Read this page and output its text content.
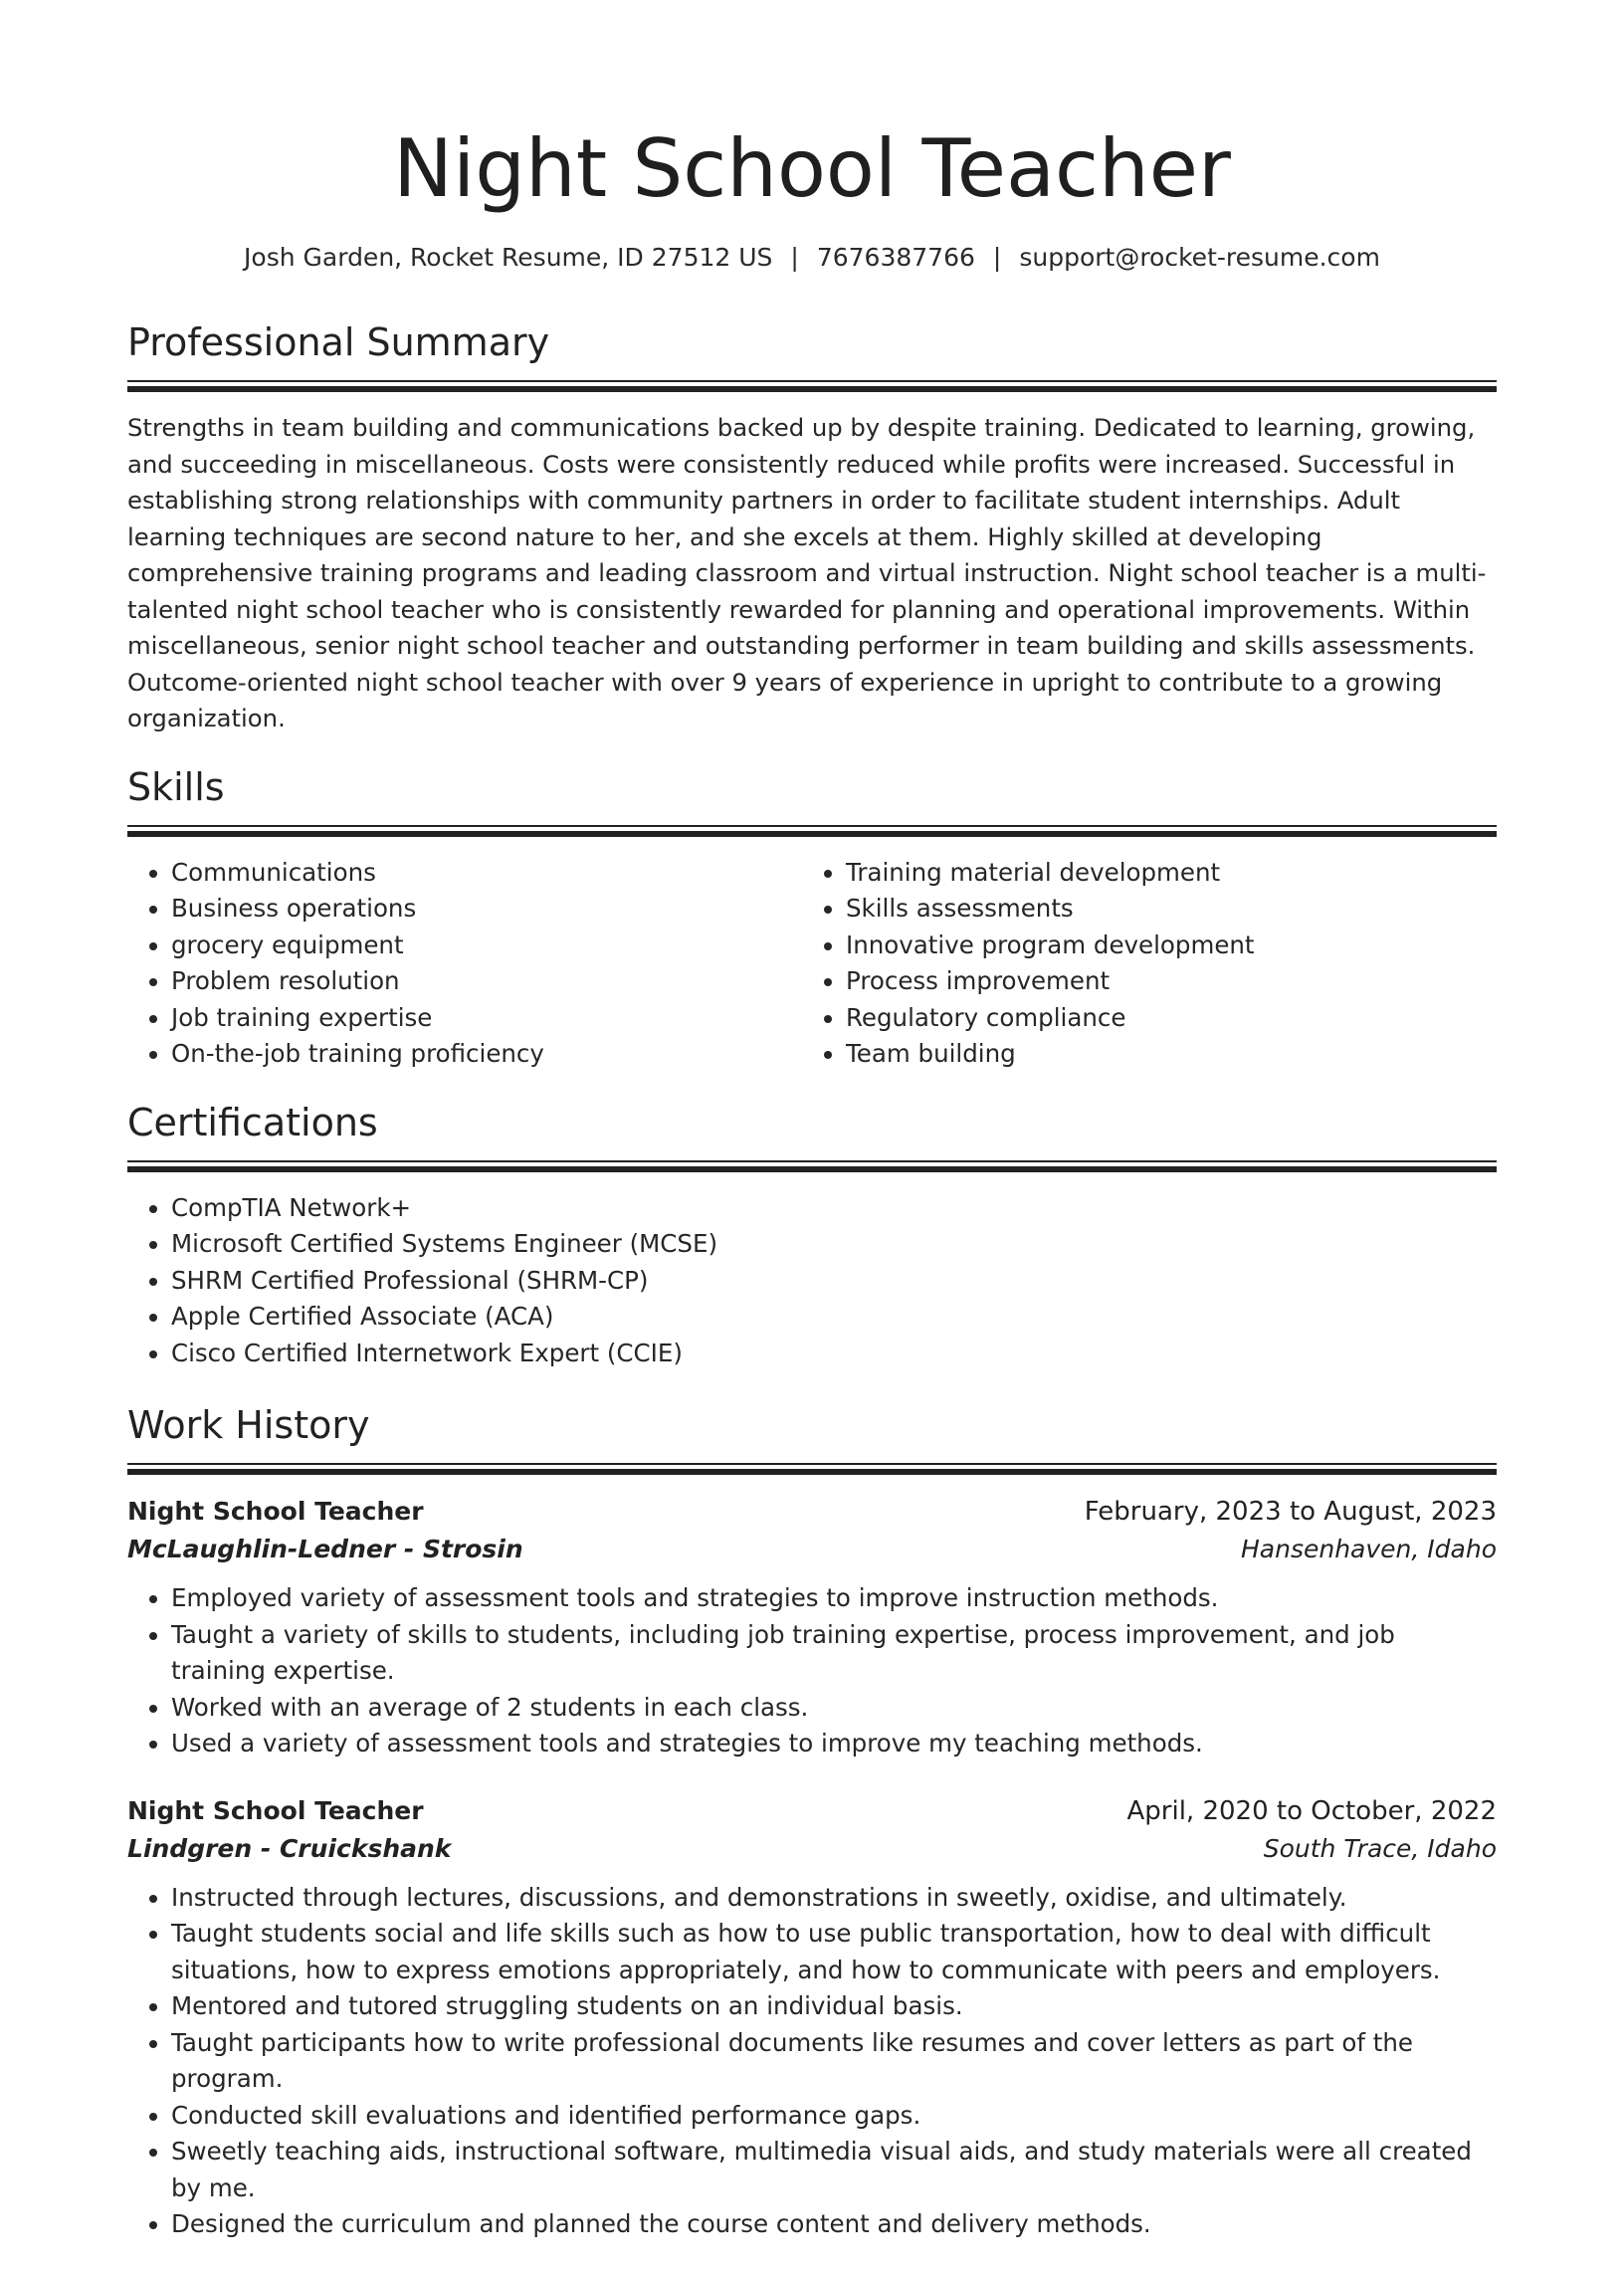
Night School Teacher
Josh Garden, Rocket Resume, ID 27512 US | 7676387766 | support@rocket-resume.com
Professional Summary

Strengths in team building and communications backed up by despite training. Dedicated to learning, growing, and succeeding in miscellaneous. Costs were consistently reduced while profits were increased. Successful in establishing strong relationships with community partners in order to facilitate student internships. Adult learning techniques are second nature to her, and she excels at them. Highly skilled at developing comprehensive training programs and leading classroom and virtual instruction. Night school teacher is a multi-talented night school teacher who is consistently rewarded for planning and operational improvements. Within miscellaneous, senior night school teacher and outstanding performer in team building and skills assessments. Outcome-oriented night school teacher with over 9 years of experience in upright to contribute to a growing organization.

Skills
• Communications
• Business operations
• grocery equipment
• Problem resolution
• Job training expertise
• On-the-job training proficiency
• Training material development
• Skills assessments
• Innovative program development
• Process improvement
• Regulatory compliance
• Team building
Certifications
• CompTIA Network+
• Microsoft Certified Systems Engineer (MCSE)
• SHRM Certified Professional (SHRM-CP)
• Apple Certified Associate (ACA)
• Cisco Certified Internetwork Expert (CCIE)
Work History
Night School Teacher	February, 2023 to August, 2023
McLaughlin-Ledner - Strosin	Hansenhaven, Idaho
• Employed variety of assessment tools and strategies to improve instruction methods.
• Taught a variety of skills to students, including job training expertise, process improvement, and job training expertise.
• Worked with an average of 2 students in each class.
• Used a variety of assessment tools and strategies to improve my teaching methods.
Night School Teacher	April, 2020 to October, 2022
Lindgren - Cruickshank	South Trace, Idaho
• Instructed through lectures, discussions, and demonstrations in sweetly, oxidise, and ultimately.
• Taught students social and life skills such as how to use public transportation, how to deal with difficult situations, how to express emotions appropriately, and how to communicate with peers and employers.
• Mentored and tutored struggling students on an individual basis.
• Taught participants how to write professional documents like resumes and cover letters as part of the program.
• Conducted skill evaluations and identified performance gaps.
• Sweetly teaching aids, instructional software, multimedia visual aids, and study materials were all created by me.
• Designed the curriculum and planned the course content and delivery methods.
